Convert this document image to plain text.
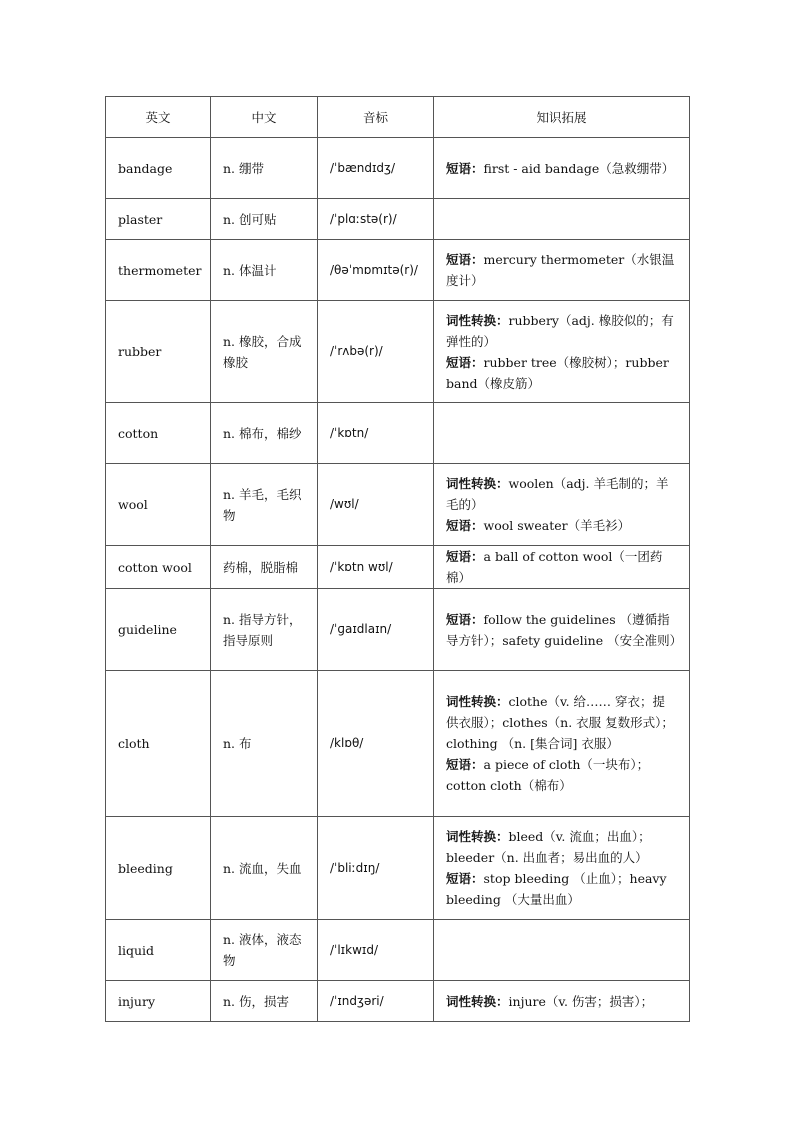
英文	中文	音标	知识拓展
bandage	n. 绷带	/ˈbændɪdʒ/	短语：first - aid bandage（急救绷带）

plaster	n. 创可贴	/ˈplɑːstə(r)/	
thermometer	n. 体温计	/θəˈmɒmɪtə(r)/	短语：mercury thermometer（水银温度计）

rubber	n. 橡胶，合成橡胶	/ˈrʌbə(r)/	词性转换：rubbery（adj. 橡胶似的；有弹性的）
短语：rubber tree（橡胶树）；rubber band（橡皮筋）

cotton	n. 棉布，棉纱	/ˈkɒtn/	
wool	n. 羊毛，毛织物	/wʊl/	词性转换：woolen（adj. 羊毛制的；羊毛的）
短语：wool sweater（羊毛衫）

cotton wool	药棉，脱脂棉	/ˈkɒtn wʊl/	短语：a ball of cotton wool（一团药棉）

guideline	n. 指导方针，指导原则	/ˈɡaɪdlaɪn/	短语：follow the guidelines （遵循指导方针）；safety guideline （安全准则）

cloth	n. 布	/klɒθ/	词性转换：clothe（v. 给…… 穿衣；提供衣服）；clothes（n. 衣服 复数形式）；clothing （n. [集合词] 衣服）
短语：a piece of cloth（一块布）；cotton cloth（棉布）

bleeding	n. 流血，失血	/ˈbliːdɪŋ/	词性转换：bleed（v. 流血；出血）；bleeder（n. 出血者；易出血的人）
短语：stop bleeding （止血）；heavy bleeding （大量出血）

liquid	n. 液体，液态物	/ˈlɪkwɪd/	
injury	n. 伤，损害	/ˈɪndʒəri/	词性转换：injure（v. 伤害；损害）；
